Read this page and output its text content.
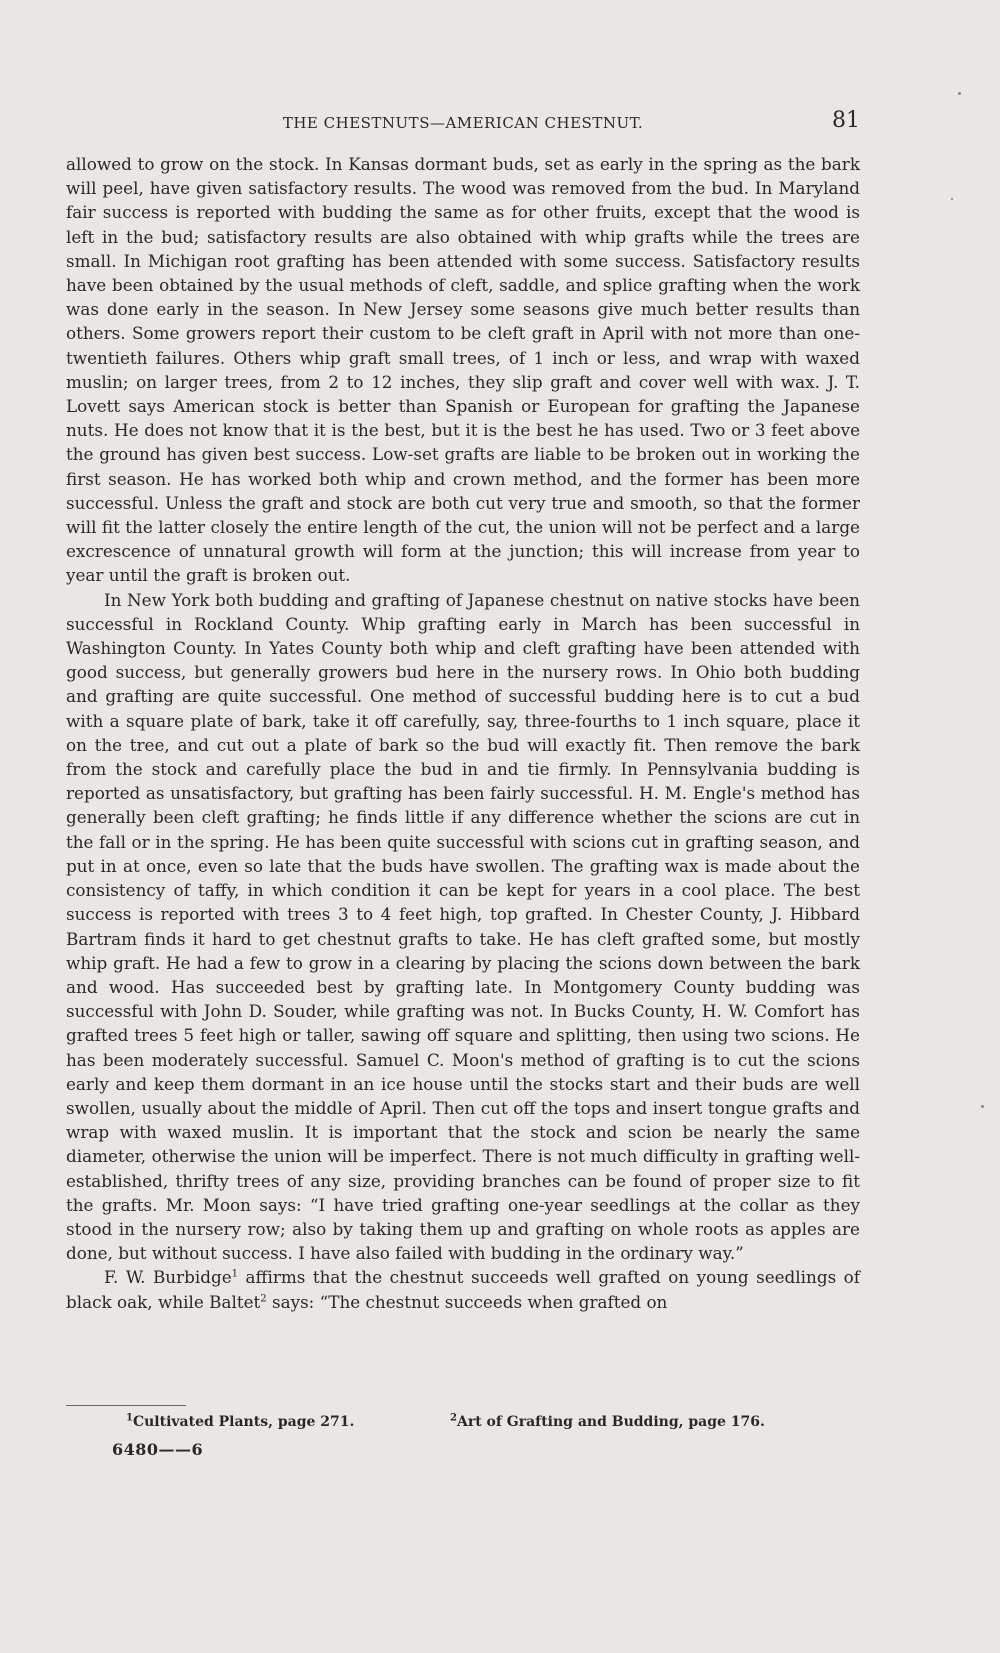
THE CHESTNUTS—AMERICAN CHESTNUT.	81

allowed to grow on the stock. In Kansas dormant buds, set as early in the spring as the bark will peel, have given satisfactory results. The wood was removed from the bud. In Maryland fair success is reported with budding the same as for other fruits, except that the wood is left in the bud; satisfactory results are also obtained with whip grafts while the trees are small. In Michigan root grafting has been attended with some success. Satisfactory results have been obtained by the usual methods of cleft, saddle, and splice grafting when the work was done early in the season. In New Jersey some seasons give much better results than others. Some growers report their custom to be cleft graft in April with not more than one-twentieth failures. Others whip graft small trees, of 1 inch or less, and wrap with waxed muslin; on larger trees, from 2 to 12 inches, they slip graft and cover well with wax. J. T. Lovett says American stock is better than Spanish or European for grafting the Japanese nuts. He does not know that it is the best, but it is the best he has used. Two or 3 feet above the ground has given best success. Low-set grafts are liable to be broken out in working the first season. He has worked both whip and crown method, and the former has been more successful. Unless the graft and stock are both cut very true and smooth, so that the former will fit the latter closely the entire length of the cut, the union will not be perfect and a large excrescence of unnatural growth will form at the junction; this will increase from year to year until the graft is broken out.

In New York both budding and grafting of Japanese chestnut on native stocks have been successful in Rockland County. Whip grafting early in March has been successful in Washington County. In Yates County both whip and cleft grafting have been attended with good success, but generally growers bud here in the nursery rows. In Ohio both budding and grafting are quite successful. One method of successful budding here is to cut a bud with a square plate of bark, take it off carefully, say, three-fourths to 1 inch square, place it on the tree, and cut out a plate of bark so the bud will exactly fit. Then remove the bark from the stock and carefully place the bud in and tie firmly. In Pennsylvania budding is reported as unsatisfactory, but grafting has been fairly successful. H. M. Engle's method has generally been cleft grafting; he finds little if any difference whether the scions are cut in the fall or in the spring. He has been quite successful with scions cut in grafting season, and put in at once, even so late that the buds have swollen. The grafting wax is made about the consistency of taffy, in which condition it can be kept for years in a cool place. The best success is reported with trees 3 to 4 feet high, top grafted. In Chester County, J. Hibbard Bartram finds it hard to get chestnut grafts to take. He has cleft grafted some, but mostly whip graft. He had a few to grow in a clearing by placing the scions down between the bark and wood. Has succeeded best by grafting late. In Montgomery County budding was successful with John D. Souder, while grafting was not. In Bucks County, H. W. Comfort has grafted trees 5 feet high or taller, sawing off square and splitting, then using two scions. He has been moderately successful. Samuel C. Moon's method of grafting is to cut the scions early and keep them dormant in an ice house until the stocks start and their buds are well swollen, usually about the middle of April. Then cut off the tops and insert tongue grafts and wrap with waxed muslin. It is important that the stock and scion be nearly the same diameter, otherwise the union will be imperfect. There is not much difficulty in grafting well-established, thrifty trees of any size, providing branches can be found of proper size to fit the grafts. Mr. Moon says: “I have tried grafting one-year seedlings at the collar as they stood in the nursery row; also by taking them up and grafting on whole roots as apples are done, but without success. I have also failed with budding in the ordinary way.”

F. W. Burbidge$^1$ affirms that the chestnut succeeds well grafted on young seedlings of black oak, while Baltet$^2$ says: “The chestnut succeeds when grafted on

$^1$Cultivated Plants, page 271.	$^2$Art of Grafting and Budding, page 176.
6480——6
